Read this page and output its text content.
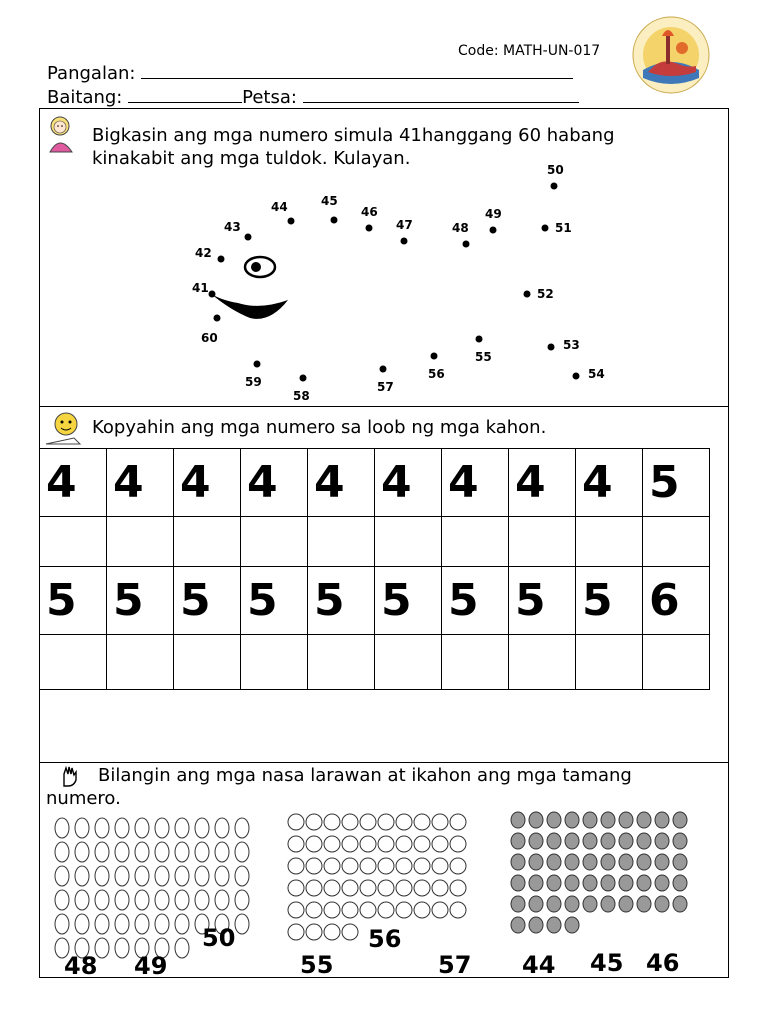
Code: MATH-UN-017
Pangalan:
Baitang:	Petsa:
Bigkasin ang mga numero simula 41hanggang 60 habang
kinakabit ang mga tuldok. Kulayan.
41
42
43
44	45
46
47	48
49
50
51
52
53
54
55
56
57
58
59
60
Kopyahin ang mga numero sa loob ng mga kahon.
4	4	4	4	4	4	4	4	4	5

5	5	5	5	5	5	5	5	5	6

Bilangin ang mga nasa larawan at ikahon ang mga tamang
numero.
50
48 49
56
55	57 44 45 46
